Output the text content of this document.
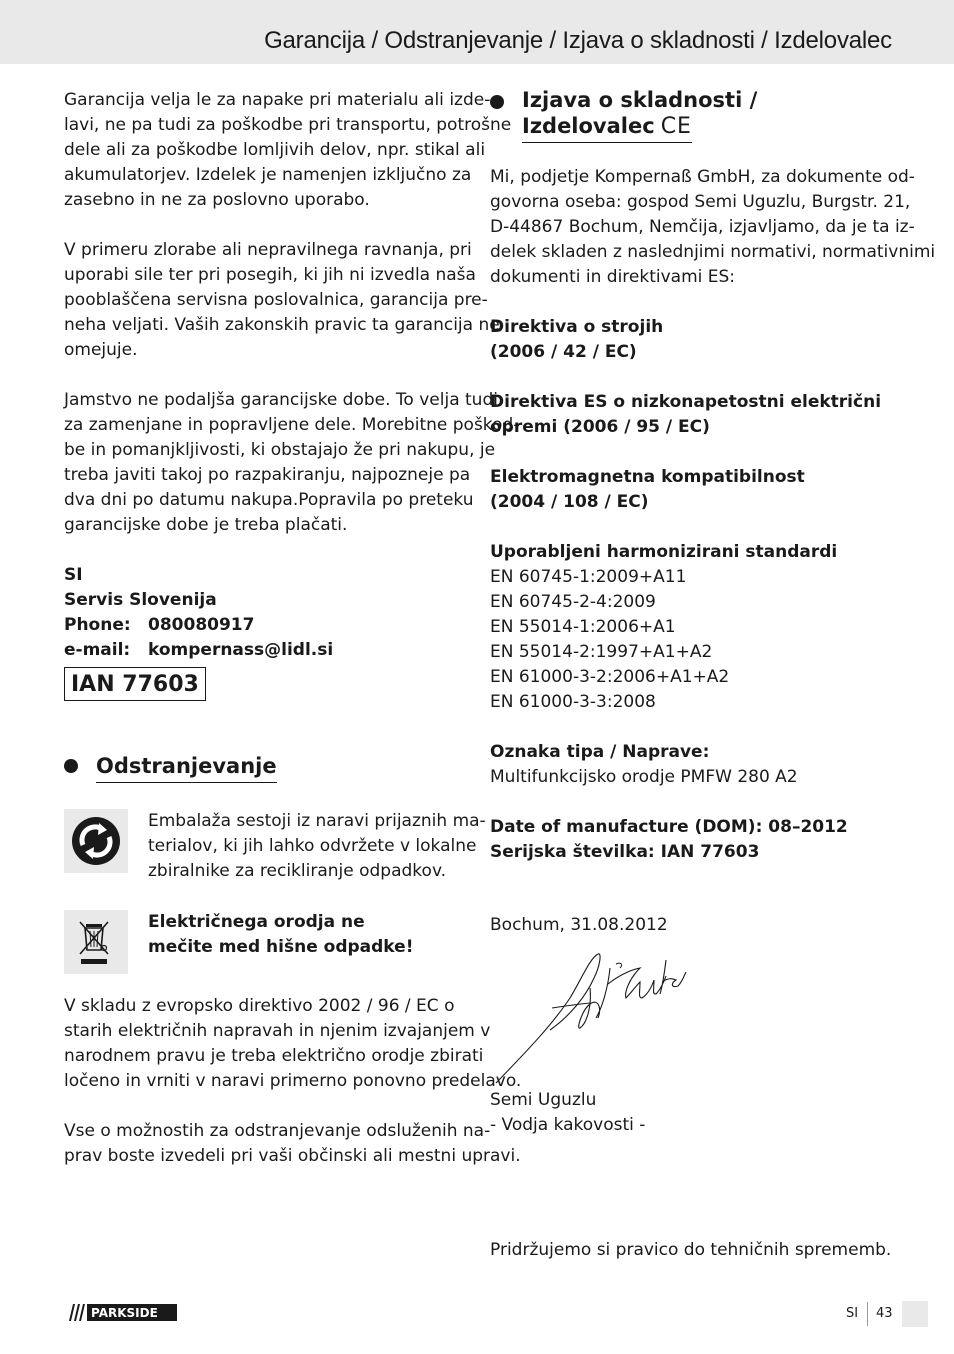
Garancija / Odstranjevanje / Izjava o skladnosti / Izdelovalec

Garancija velja le za napake pri materialu ali izde-
lavi, ne pa tudi za poškodbe pri transportu, potrošne
dele ali za poškodbe lomljivih delov, npr. stikal ali
akumulatorjev. Izdelek je namenjen izključno za
zasebno in ne za poslovno uporabo.

V primeru zlorabe ali nepravilnega ravnanja, pri
uporabi sile ter pri posegih, ki jih ni izvedla naša
pooblaščena servisna poslovalnica, garancija pre-
neha veljati. Vaših zakonskih pravic ta garancija ne
omejuje.

Jamstvo ne podaljša garancijske dobe. To velja tudi
za zamenjane in popravljene dele. Morebitne poškod-
be in pomanjkljivosti, ki obstajajo že pri nakupu, je
treba javiti takoj po razpakiranju, najpozneje pa
dva dni po datumu nakupa.Popravila po preteku
garancijske dobe je treba plačati.

SI
Servis Slovenija
Phone: 080080917
e-mail: kompernass@lidl.si
IAN 77603
Odstranjevanje

Embalaža sestoji iz naravi prijaznih ma-
terialov, ki jih lahko odvržete v lokalne
zbiralnike za recikliranje odpadkov.

Električnega orodja ne
mečite med hišne odpadke!

V skladu z evropsko direktivo 2002 / 96 / EC o
starih električnih napravah in njenim izvajanjem v
narodnem pravu je treba električno orodje zbirati
ločeno in vrniti v naravi primerno ponovno predelavo.

Vse o možnostih za odstranjevanje odsluženih na-
prav boste izvedeli pri vaši občinski ali mestni upravi.

Izjava o skladnosti /
Izdelovalec CE

Mi, podjetje Kompernaß GmbH, za dokumente od-
govorna oseba: gospod Semi Uguzlu, Burgstr. 21,
D-44867 Bochum, Nemčija, izjavljamo, da je ta iz-
delek skladen z naslednjimi normativi, normativnimi
dokumenti in direktivami ES:

Direktiva o strojih
(2006 / 42 / EC)

Direktiva ES o nizkonapetostni električni
opremi (2006 / 95 / EC)

Elektromagnetna kompatibilnost
(2004 / 108 / EC)

Uporabljeni harmonizirani standardi

EN 60745-1:2009+A11
EN 60745-2-4:2009
EN 55014-1:2006+A1
EN 55014-2:1997+A1+A2
EN 61000-3-2:2006+A1+A2
EN 61000-3-3:2008

Oznaka tipa / Naprave:

Multifunkcijsko orodje PMFW 280 A2

Date of manufacture (DOM): 08–2012

Serijska številka: IAN 77603

Bochum, 31.08.2012
Semi Uguzlu
- Vodja kakovosti -
Pridržujemo si pravico do tehničnih sprememb.
PARKSIDE	SI 43
